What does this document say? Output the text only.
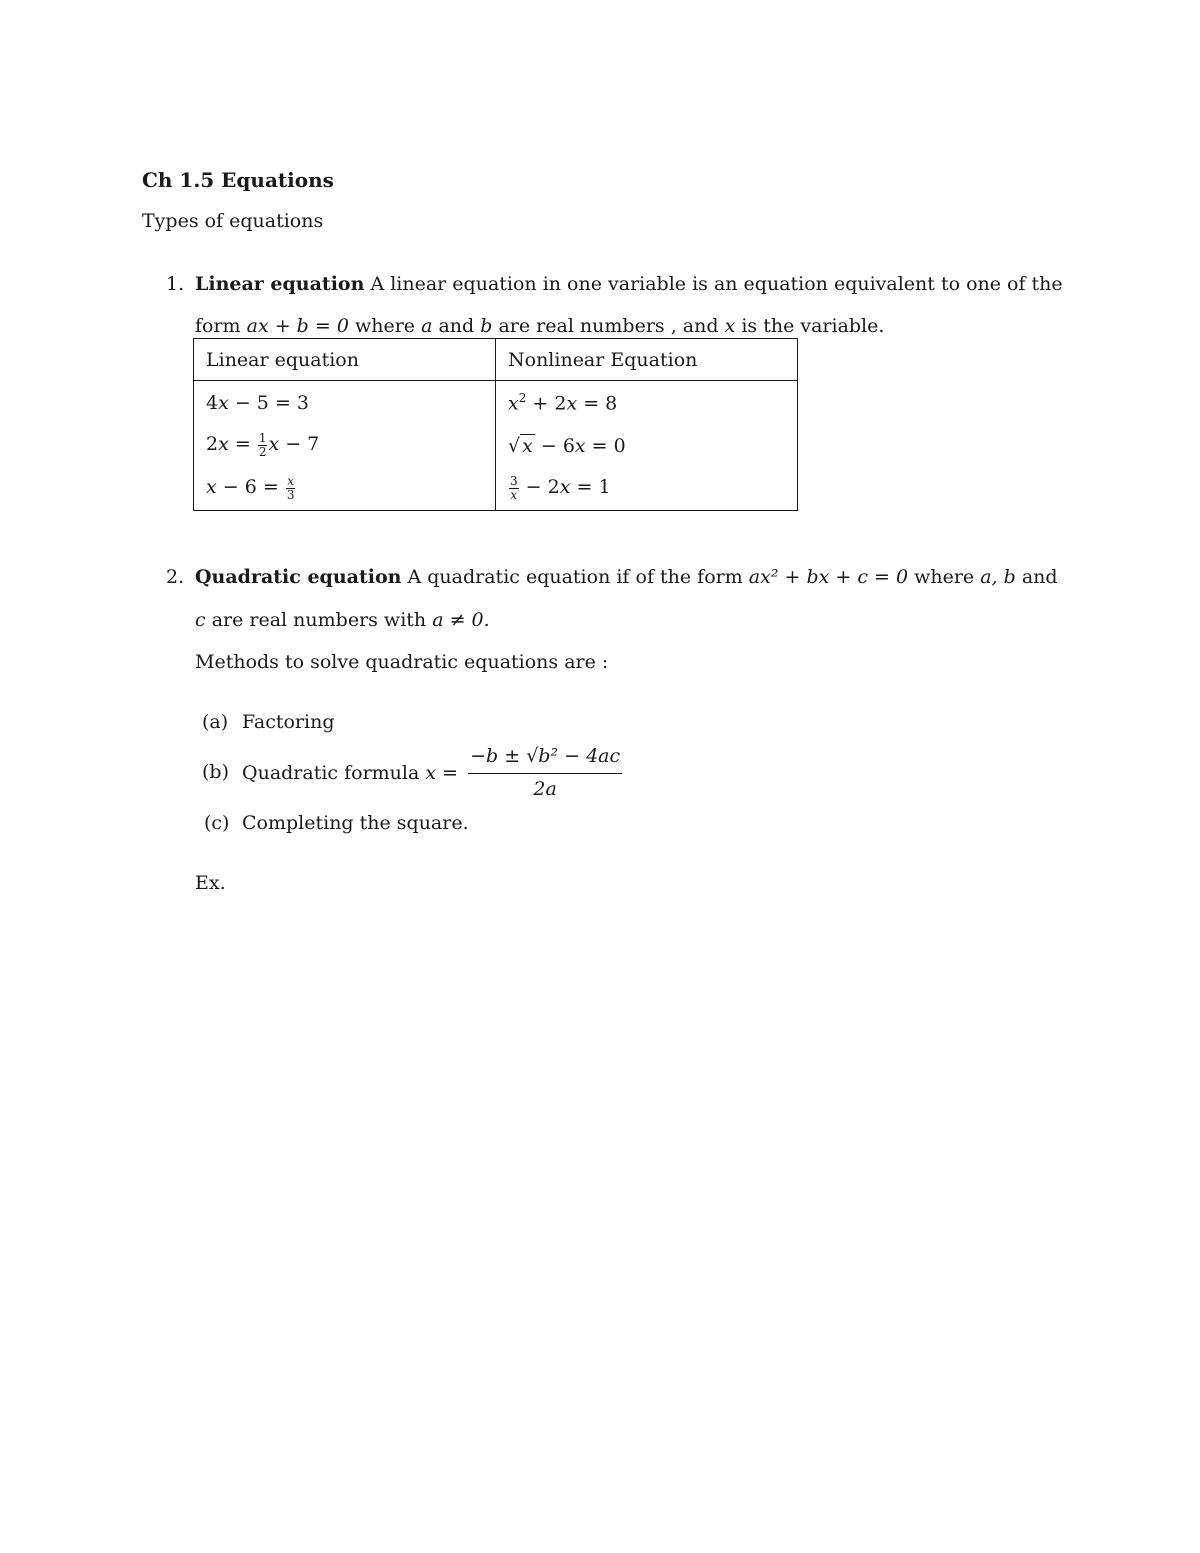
Ch 1.5 Equations
Types of equations
1. Linear equation A linear equation in one variable is an equation equivalent to one of the
form ax + b = 0 where a and b are real numbers , and x is the variable.
Linear equation	Nonlinear Equation
4x − 5 = 3	$x^2 + 2x = 8$
$2x = \frac{1}{2}$ x − 7	√ x − 6x = 0
$x - 6 = \frac{x}{3}$	$\frac{3}{x} - 2x = 1$
2. Quadratic equation A quadratic equation if of the form ax² + bx + c = 0 where a, b and
c are real numbers with a ≠ 0.
Methods to solve quadratic equations are :
(a) Factoring
(b) Quadratic formula $x = \frac{\text{−b ± √b² − 4ac}}{2a}$
(c) Completing the square.
Ex.
